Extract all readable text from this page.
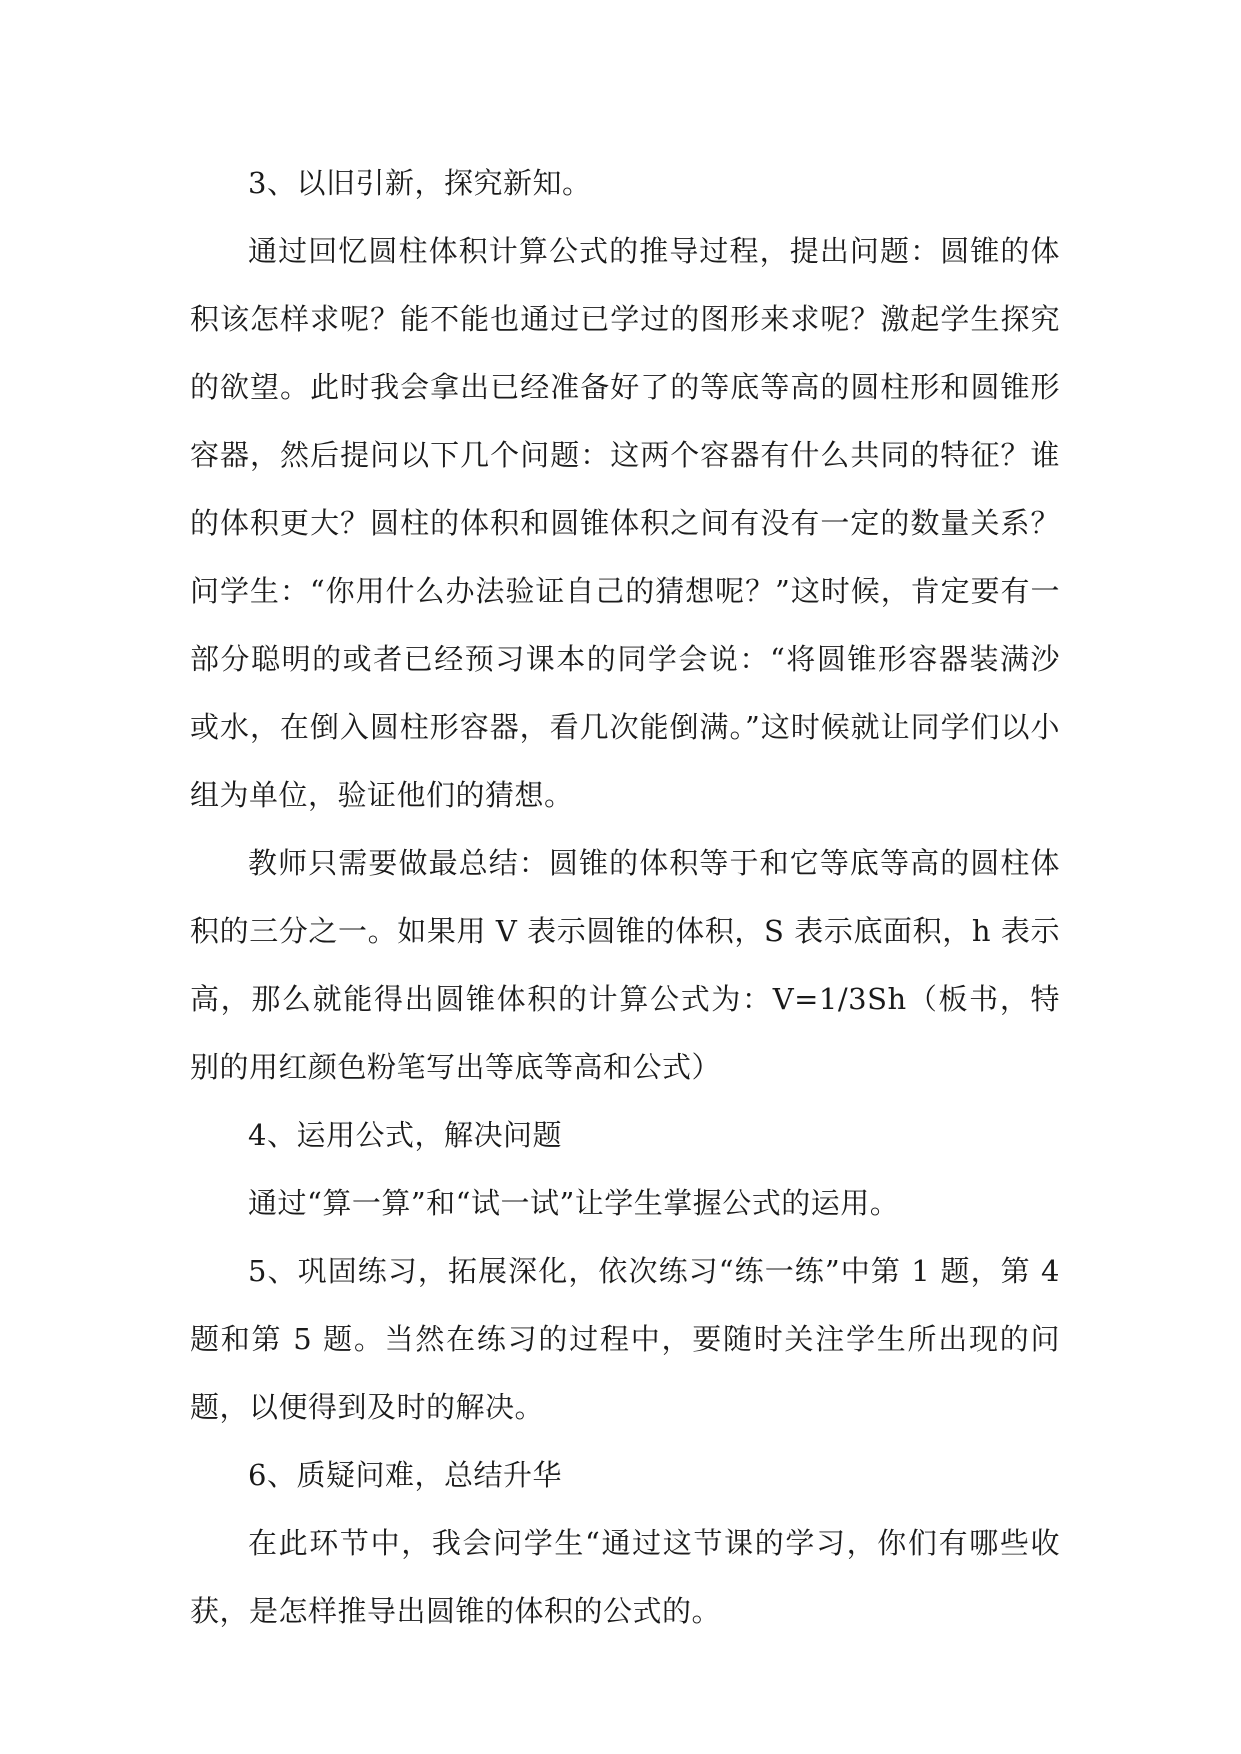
3、以旧引新，探究新知。

通过回忆圆柱体积计算公式的推导过程，提出问题：圆锥的体积该怎样求呢？能不能也通过已学过的图形来求呢？激起学生探究的欲望。此时我会拿出已经准备好了的等底等高的圆柱形和圆锥形容器，然后提问以下几个问题：这两个容器有什么共同的特征？谁的体积更大？圆柱的体积和圆锥体积之间有没有一定的数量关系？问学生：“你用什么办法验证自己的猜想呢？”这时候，肯定要有一部分聪明的或者已经预习课本的同学会说：“将圆锥形容器装满沙或水，在倒入圆柱形容器，看几次能倒满。”这时候就让同学们以小组为单位，验证他们的猜想。

教师只需要做最总结：圆锥的体积等于和它等底等高的圆柱体积的三分之一。如果用 V 表示圆锥的体积，S 表示底面积，h 表示高，那么就能得出圆锥体积的计算公式为：V=1/3Sh（板书，特别的用红颜色粉笔写出等底等高和公式）

4、运用公式，解决问题

通过“算一算”和“试一试”让学生掌握公式的运用。

5、巩固练习，拓展深化，依次练习“练一练”中第 1 题，第 4 题和第 5 题。当然在练习的过程中，要随时关注学生所出现的问题，以便得到及时的解决。

6、质疑问难，总结升华

在此环节中，我会问学生“通过这节课的学习，你们有哪些收获，是怎样推导出圆锥的体积的公式的。
